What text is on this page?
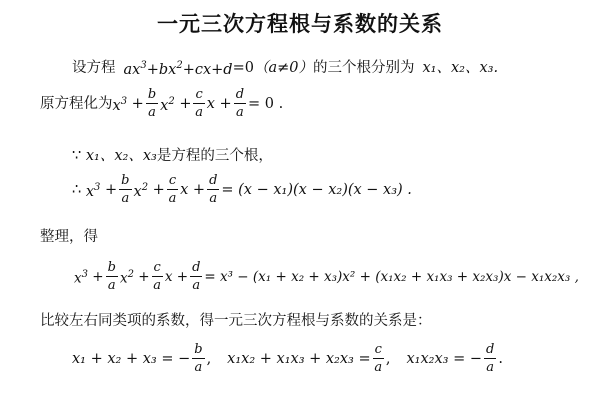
一元三次方程根与系数的关系
设方程 $ax^3+bx^2+cx+d =0$ （a≠0） 的三个根分别为 x₁、x₂、x₃.
原方程化为 $x^3 + \frac{b}{a} x^2 + \frac{c}{a}$ $x + \frac{d}{a} = 0$ .
∵
x₁、x₂、x₃ 是方程的三个根，
∴
$x^3 + \frac{b}{a} x^2 + \frac{c}{a}$ $x + \frac{d}{a} = (x - x_1)(x - x_2)(x - x_3)$ .
整理，得
$x^3 + \frac{b}{a} x^2 + \frac{c}{a}$ $x + \frac{d}{a} = x^3 - (x_1 + x_2 + x_3)x^2 + (x_1x_2 + x_1x_3 + x_2x_3)x - x_1x_2x_3$ ,
比较左右同类项的系数，得一元三次方程根与系数的关系是：
x₁ + x₂ + x₃ = − $\frac{b}{a}$ , $x_1x_2 + x_1x_3 + x_2x_3 = \frac{c}{a}$ , x₁x₂x₃ = − $\frac{d}{a}$ .
